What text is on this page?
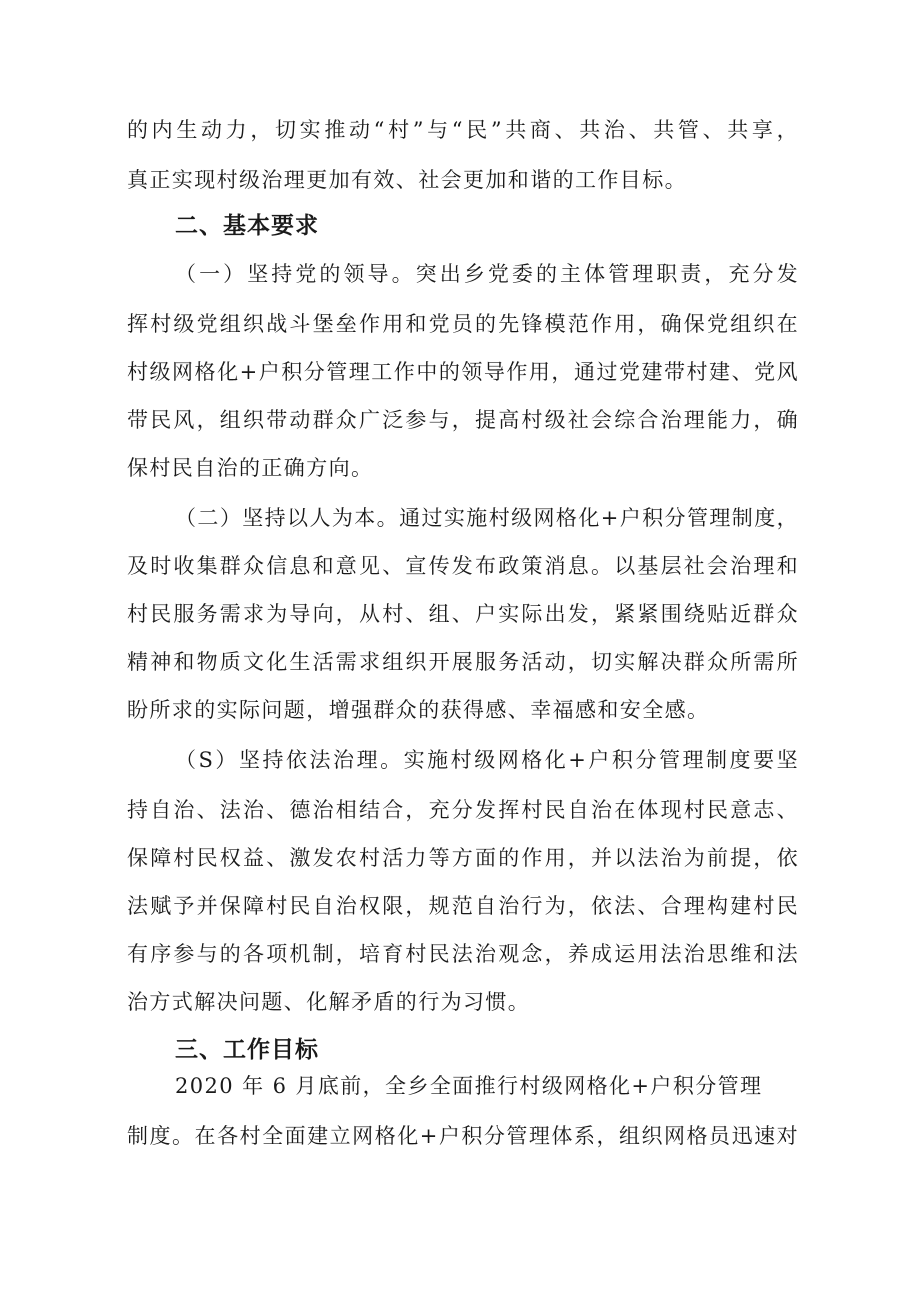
的内生动力，切实推动“村”与“民”共商、共治、共管、共享，
真正实现村级治理更加有效、社会更加和谐的工作目标。
二、基本要求
（一）坚持党的领导。突出乡党委的主体管理职责，充分发
挥村级党组织战斗堡垒作用和党员的先锋模范作用，确保党组织在
村级网格化+户积分管理工作中的领导作用，通过党建带村建、党风
带民风，组织带动群众广泛参与，提高村级社会综合治理能力，确
保村民自治的正确方向。
（二）坚持以人为本。通过实施村级网格化+户积分管理制度，
及时收集群众信息和意见、宣传发布政策消息。以基层社会治理和
村民服务需求为导向，从村、组、户实际出发，紧紧围绕贴近群众
精神和物质文化生活需求组织开展服务活动，切实解决群众所需所
盼所求的实际问题，增强群众的获得感、幸福感和安全感。
（S）坚持依法治理。实施村级网格化+户积分管理制度要坚
持自治、法治、德治相结合，充分发挥村民自治在体现村民意志、
保障村民权益、激发农村活力等方面的作用，并以法治为前提，依
法赋予并保障村民自治权限，规范自治行为，依法、合理构建村民
有序参与的各项机制，培育村民法治观念，养成运用法治思维和法
治方式解决问题、化解矛盾的行为习惯。
三、工作目标
2020 年 6 月底前，全乡全面推行村级网格化+户积分管理
制度。在各村全面建立网格化+户积分管理体系，组织网格员迅速对
